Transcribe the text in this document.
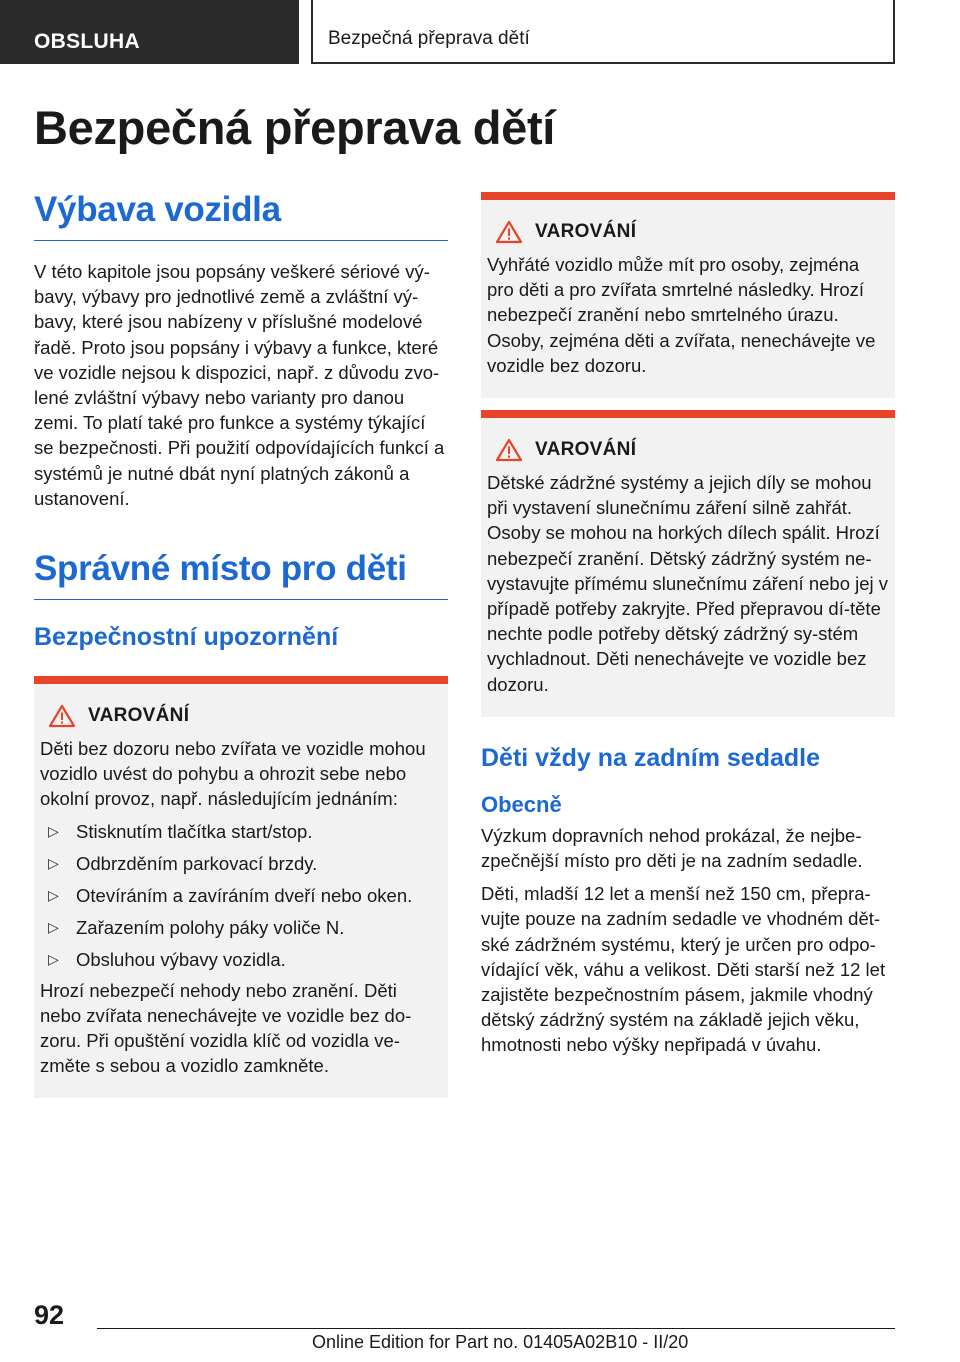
OBSLUHA	Bezpečná přeprava dětí
Bezpečná přeprava dětí
Výbava vozidla
V této kapitole jsou popsány veškeré sériové vý-bavy, výbavy pro jednotlivé země a zvláštní vý-bavy, které jsou nabízeny v příslušné modelové řadě. Proto jsou popsány i výbavy a funkce, které ve vozidle nejsou k dispozici, např. z důvodu zvo-lené zvláštní výbavy nebo varianty pro danou zemi. To platí také pro funkce a systémy týkající se bezpečnosti. Při použití odpovídajících funkcí a systémů je nutné dbát nyní platných zákonů a ustanovení.
Správné místo pro děti
Bezpečnostní upozornění
VAROVÁNÍ
Děti bez dozoru nebo zvířata ve vozidle mohou vozidlo uvést do pohybu a ohrozit sebe nebo okolní provoz, např. následujícím jednáním:
▷ Stisknutím tlačítka start/stop.
▷ Odbrzděním parkovací brzdy.
▷ Otevíráním a zavíráním dveří nebo oken.
▷ Zařazením polohy páky voliče N.
▷ Obsluhou výbavy vozidla.
Hrozí nebezpečí nehody nebo zranění. Děti nebo zvířata nenechávejte ve vozidle bez do-zoru. Při opuštění vozidla klíč od vozidla ve-změte s sebou a vozidlo zamkněte.
VAROVÁNÍ
Vyhřáté vozidlo může mít pro osoby, zejména pro děti a pro zvířata smrtelné následky. Hrozí nebezpečí zranění nebo smrtelného úrazu. Osoby, zejména děti a zvířata, nenechávejte ve vozidle bez dozoru.
VAROVÁNÍ
Dětské zádržné systémy a jejich díly se mohou při vystavení slunečnímu záření silně zahřát. Osoby se mohou na horkých dílech spálit. Hrozí nebezpečí zranění. Dětský zádržný systém ne-vystavujte přímému slunečnímu záření nebo jej v případě potřeby zakryjte. Před přepravou dí-těte nechte podle potřeby dětský zádržný sy-stém vychladnout. Děti nenechávejte ve vozidle bez dozoru.
Děti vždy na zadním sedadle
Obecně
Výzkum dopravních nehod prokázal, že nejbe-zpečnější místo pro děti je na zadním sedadle.
Děti, mladší 12 let a menší než 150 cm, přepra-vujte pouze na zadním sedadle ve vhodném dět-ské zádržném systému, který je určen pro odpo-vídající věk, váhu a velikost. Děti starší než 12 let zajistěte bezpečnostním pásem, jakmile vhodný dětský zádržný systém na základě jejich věku, hmotnosti nebo výšky nepřipadá v úvahu.
92
Online Edition for Part no. 01405A02B10 - II/20
